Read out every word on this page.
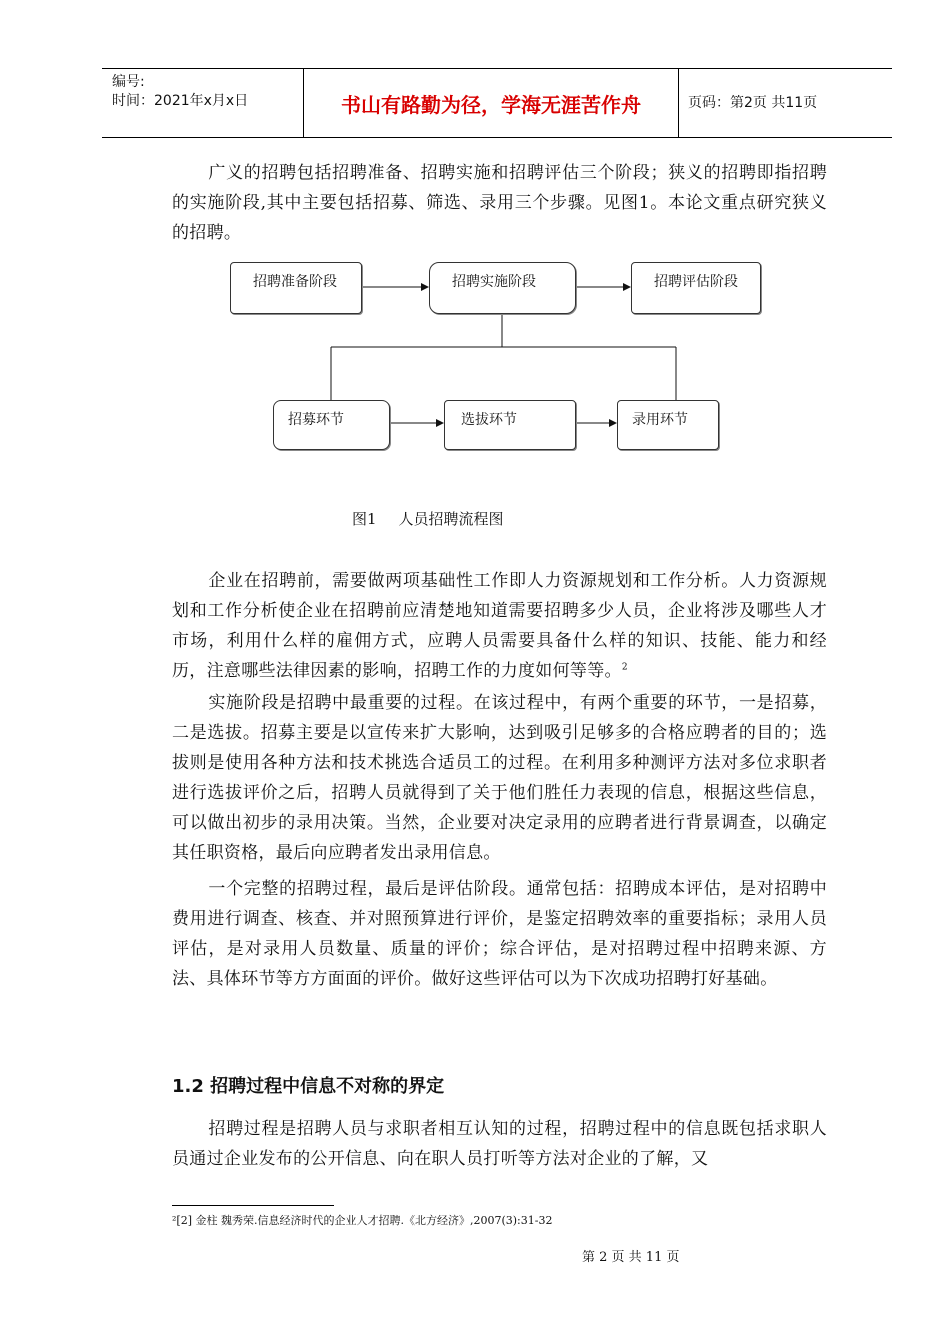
编号:
时间：2021年x月x日	书山有路勤为径，学海无涯苦作舟	页码：第2页 共11页
广义的招聘包括招聘准备、招聘实施和招聘评估三个阶段；狭义的招聘即指招聘的实施阶段,其中主要包括招募、筛选、录用三个步骤。见图1。本论文重点研究狭义的招聘。
招聘准备阶段	招聘实施阶段	招聘评估阶段
招募环节	选拔环节	录用环节
图1 人员招聘流程图
企业在招聘前，需要做两项基础性工作即人力资源规划和工作分析。人力资源规划和工作分析使企业在招聘前应清楚地知道需要招聘多少人员，企业将涉及哪些人才市场，利用什么样的雇佣方式，应聘人员需要具备什么样的知识、技能、能力和经历，注意哪些法律因素的影响，招聘工作的力度如何等等。$^2$
实施阶段是招聘中最重要的过程。在该过程中，有两个重要的环节，一是招募，二是选拔。招募主要是以宣传来扩大影响，达到吸引足够多的合格应聘者的目的；选拔则是使用各种方法和技术挑选合适员工的过程。在利用多种测评方法对多位求职者进行选拔评价之后，招聘人员就得到了关于他们胜任力表现的信息，根据这些信息，可以做出初步的录用决策。当然，企业要对决定录用的应聘者进行背景调查，以确定其任职资格，最后向应聘者发出录用信息。
一个完整的招聘过程，最后是评估阶段。通常包括：招聘成本评估，是对招聘中费用进行调查、核查、并对照预算进行评价，是鉴定招聘效率的重要指标；录用人员评估，是对录用人员数量、质量的评价；综合评估，是对招聘过程中招聘来源、方法、具体环节等方方面面的评价。做好这些评估可以为下次成功招聘打好基础。
1.2 招聘过程中信息不对称的界定
招聘过程是招聘人员与求职者相互认知的过程，招聘过程中的信息既包括求职人员通过企业发布的公开信息、向在职人员打听等方法对企业的了解，又
²[2] 金柱 魏秀荣.信息经济时代的企业人才招聘.《北方经济》,2007(3):31-32
第 2 页 共 11 页
